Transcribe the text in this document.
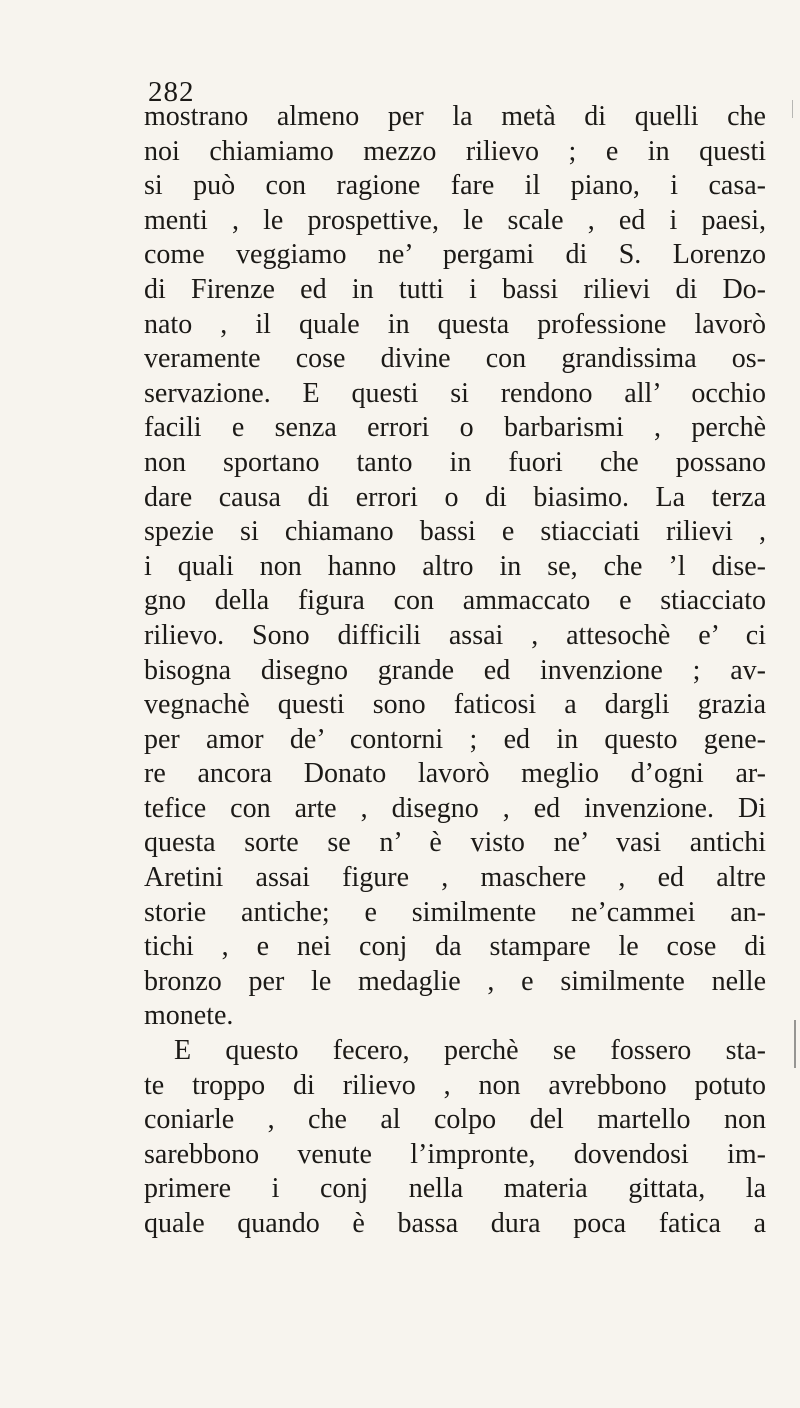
282
mostrano almeno per la metà di quelli che
noi chiamiamo mezzo rilievo ; e in questi
si può con ragione fare il piano, i casa-
menti , le prospettive, le scale , ed i paesi,
come veggiamo ne’ pergami di S. Lorenzo
di Firenze ed in tutti i bassi rilievi di Do-
nato , il quale in questa professione lavorò
veramente cose divine con grandissima os-
servazione. E questi si rendono all’ occhio
facili e senza errori o barbarismi , perchè
non sportano tanto in fuori che possano
dare causa di errori o di biasimo. La terza
spezie si chiamano bassi e stiacciati rilievi ,
i quali non hanno altro in se, che ’l dise-
gno della figura con ammaccato e stiacciato
rilievo. Sono difficili assai , attesochè e’ ci
bisogna disegno grande ed invenzione ; av-
vegnachè questi sono faticosi a dargli grazia
per amor de’ contorni ; ed in questo gene-
re ancora Donato lavorò meglio d’ogni ar-
tefice con arte , disegno , ed invenzione. Di
questa sorte se n’ è visto ne’ vasi antichi
Aretini assai figure , maschere , ed altre
storie antiche; e similmente ne’cammei an-
tichi , e nei conj da stampare le cose di
bronzo per le medaglie , e similmente nelle
monete.
E questo fecero, perchè se fossero sta-
te troppo di rilievo , non avrebbono potuto
coniarle , che al colpo del martello non
sarebbono venute l’impronte, dovendosi im-
primere i conj nella materia gittata, la
quale quando è bassa dura poca fatica a
